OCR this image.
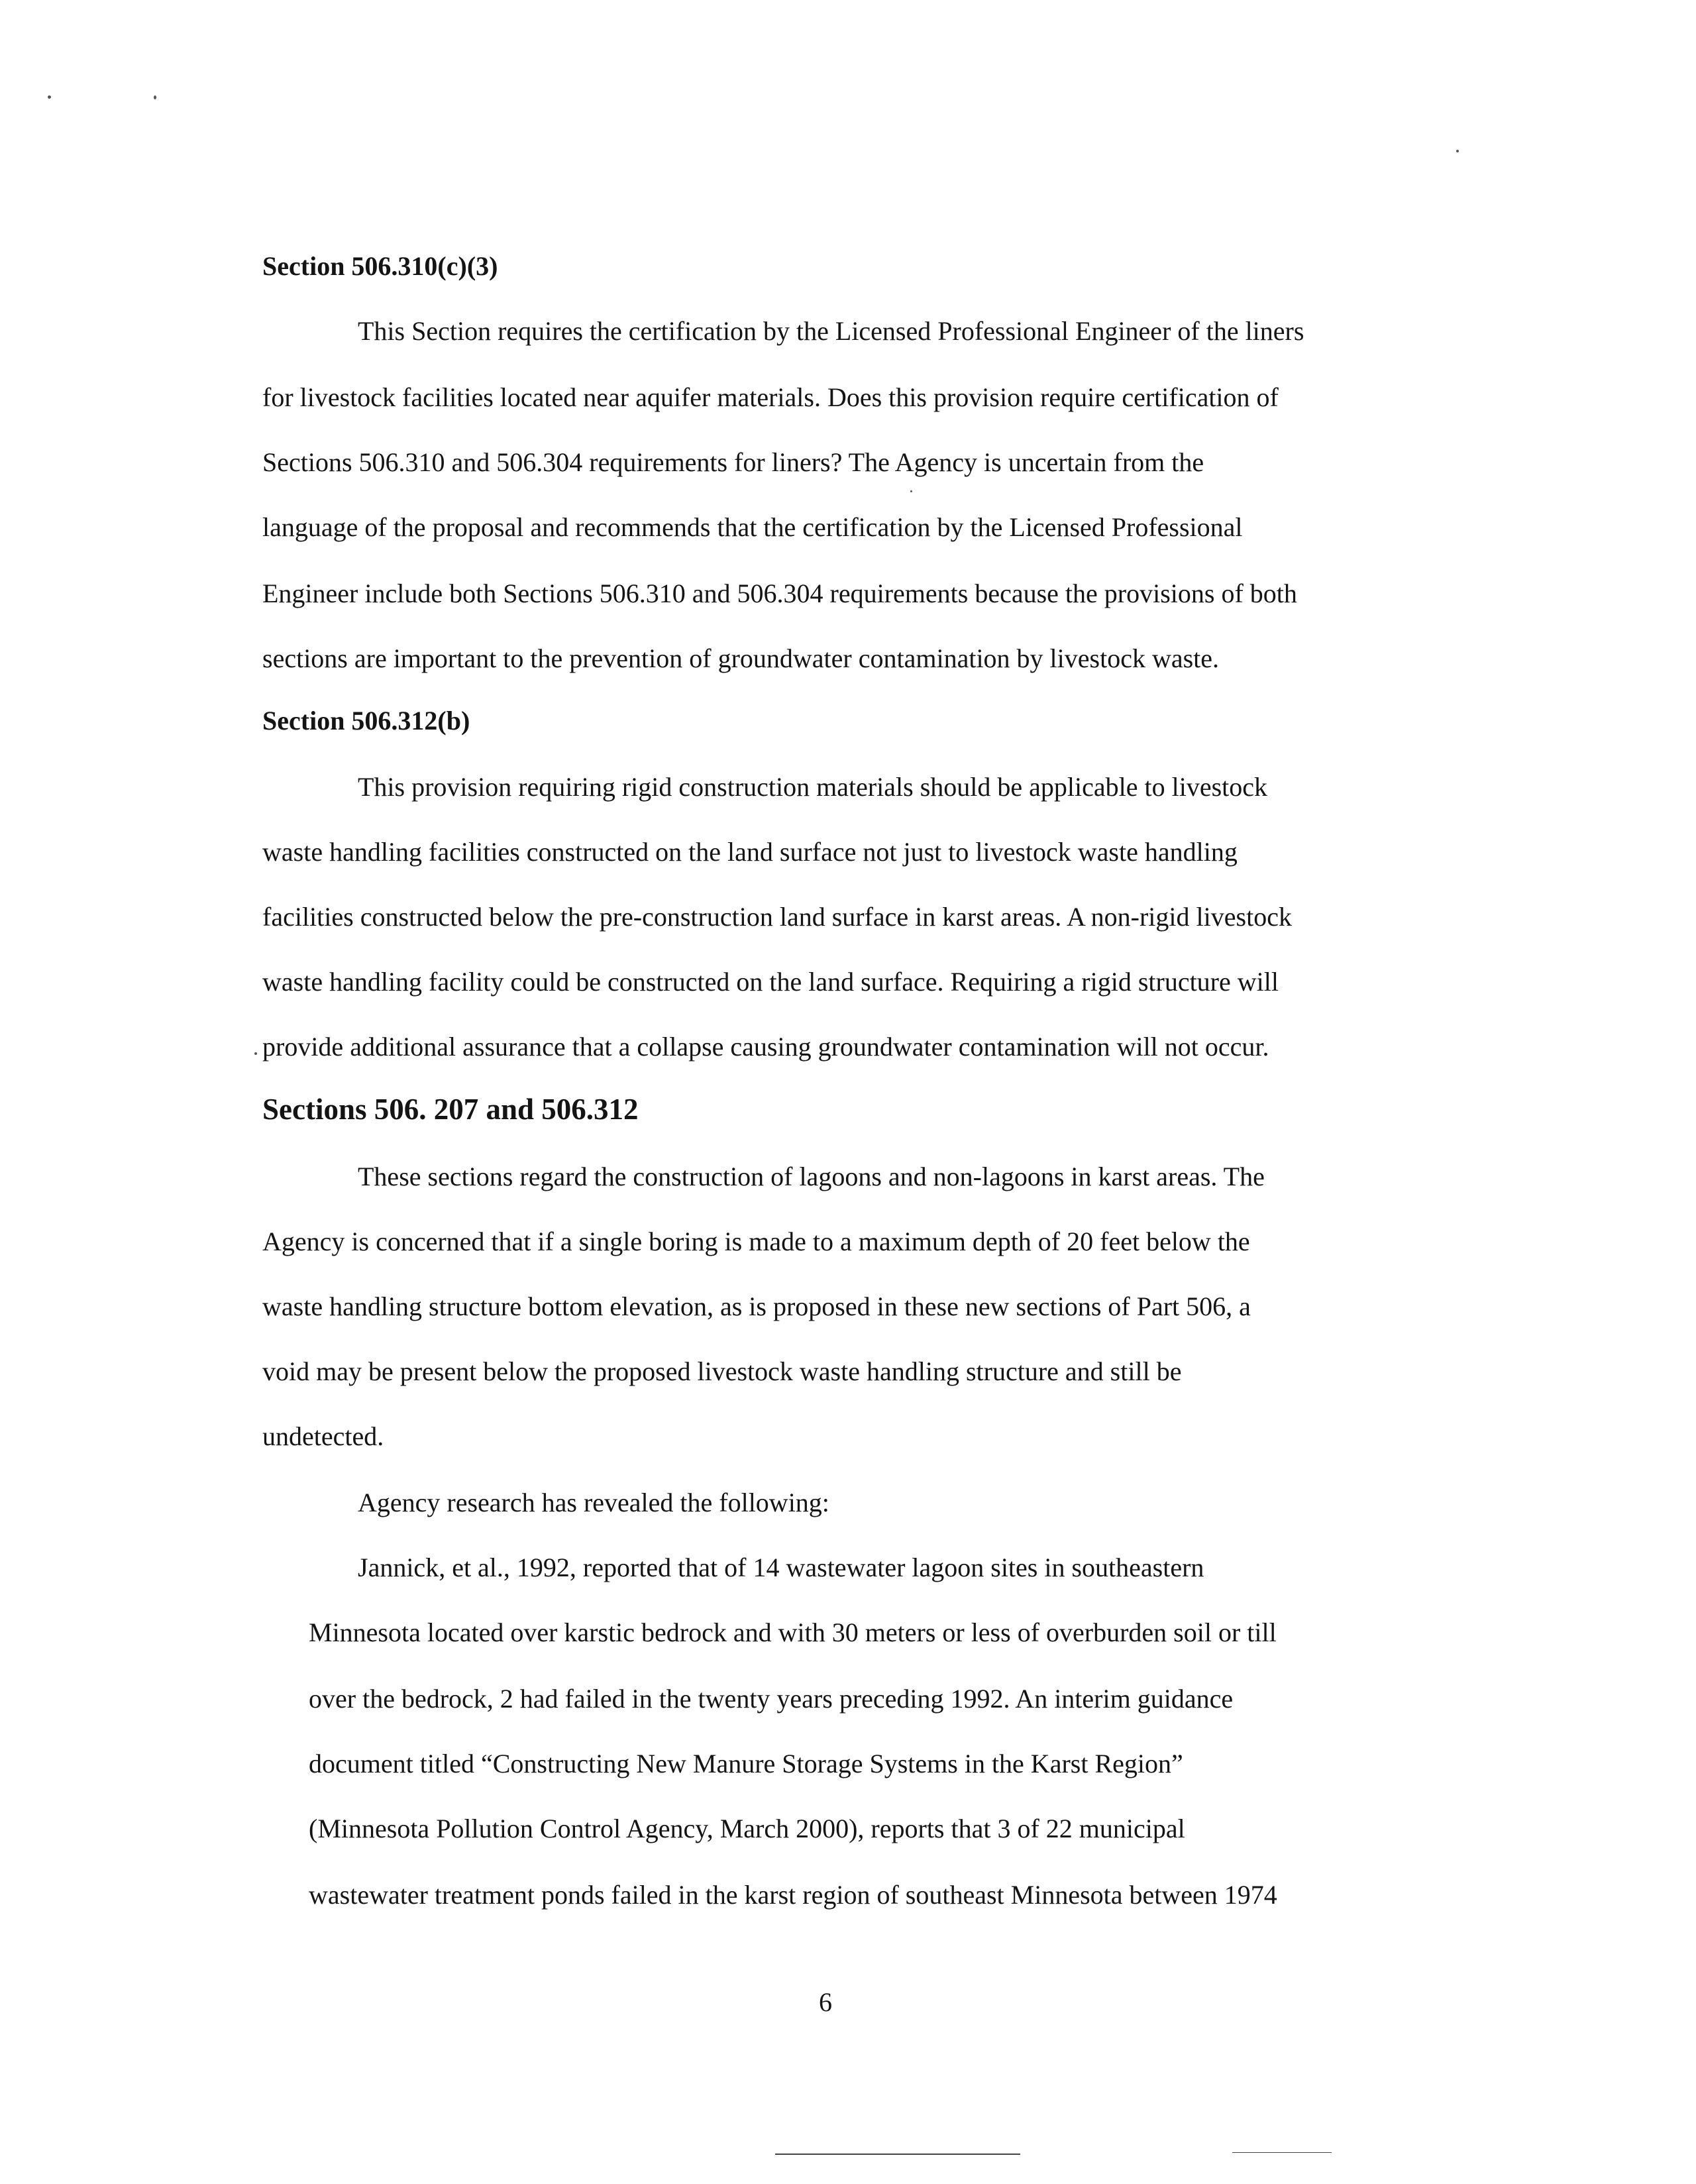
Section 506.310(c)(3)
This Section requires the certification by the Licensed Professional Engineer of the liners
for livestock facilities located near aquifer materials. Does this provision require certification of
Sections 506.310 and 506.304 requirements for liners? The Agency is uncertain from the
language of the proposal and recommends that the certification by the Licensed Professional
Engineer include both Sections 506.310 and 506.304 requirements because the provisions of both
sections are important to the prevention of groundwater contamination by livestock waste.
Section 506.312(b)
This provision requiring rigid construction materials should be applicable to livestock
waste handling facilities constructed on the land surface not just to livestock waste handling
facilities constructed below the pre-construction land surface in karst areas. A non-rigid livestock
waste handling facility could be constructed on the land surface. Requiring a rigid structure will
provide additional assurance that a collapse causing groundwater contamination will not occur.
Sections 506. 207 and 506.312
These sections regard the construction of lagoons and non-lagoons in karst areas. The
Agency is concerned that if a single boring is made to a maximum depth of 20 feet below the
waste handling structure bottom elevation, as is proposed in these new sections of Part 506, a
void may be present below the proposed livestock waste handling structure and still be
undetected.
Agency research has revealed the following:
Jannick, et al., 1992, reported that of 14 wastewater lagoon sites in southeastern
Minnesota located over karstic bedrock and with 30 meters or less of overburden soil or till
over the bedrock, 2 had failed in the twenty years preceding 1992. An interim guidance
document titled “Constructing New Manure Storage Systems in the Karst Region”
(Minnesota Pollution Control Agency, March 2000), reports that 3 of 22 municipal
wastewater treatment ponds failed in the karst region of southeast Minnesota between 1974
6
